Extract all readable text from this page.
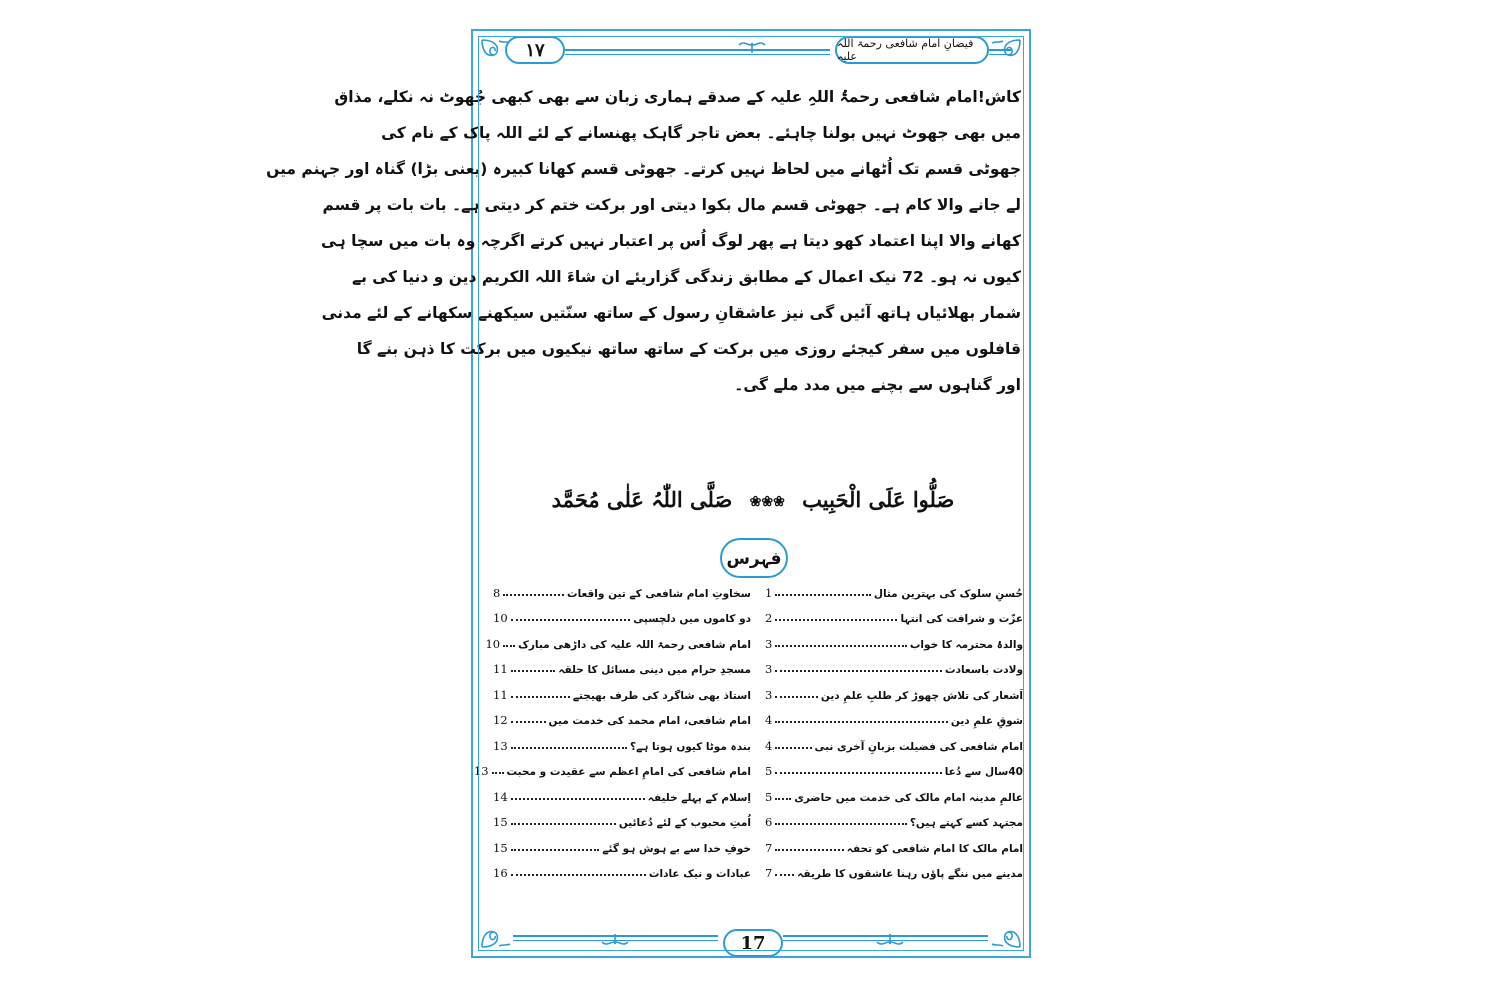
۱۷	فیضانِ امام شافعی رحمۃ اللہ علیہ
کاش!امام شافعی رحمۃُ اللہِ علیہ کے صدقے ہماری زبان سے بھی کبھی جُھوٹ نہ نکلے، مذاق
میں بھی جھوٹ نہیں بولنا چاہئے۔ بعض تاجر گاہک پھنسانے کے لئے اللہ پاک کے نام کی
جھوٹی قسم تک اُٹھانے میں لحاظ نہیں کرتے۔ جھوٹی قسم کھانا کبیرہ (یعنی بڑا) گناہ اور جہنم میں
لے جانے والا کام ہے۔ جھوٹی قسم مال بکوا دیتی اور برکت ختم کر دیتی ہے۔ بات بات پر قسم
کھانے والا اپنا اعتماد کھو دیتا ہے پھر لوگ اُس پر اعتبار نہیں کرتے اگرچہ وہ بات میں سچا ہی
کیوں نہ ہو۔ 72 نیک اعمال کے مطابق زندگی گزاریئے ان شاءَ اللہ الکریم دین و دنیا کی بے
شمار بھلائیاں ہاتھ آئیں گی نیز عاشقانِ رسول کے ساتھ سنّتیں سیکھنے سکھانے کے لئے مدنی
قافلوں میں سفر کیجئے روزی میں برکت کے ساتھ ساتھ نیکیوں میں برکت کا ذہن بنے گا
اور گناہوں سے بچنے میں مدد ملے گی۔
صَلُّوا عَلَی الْحَبِیب ❀❀❀ صَلَّی اللّٰہُ عَلٰی مُحَمَّد
فہرس
حُسنِ سلوک کی بہترین مثال
1
عزّت و شرافت کی انتہا
2
والدۂ محترمہ کا خواب
3
ولادت باسعادت
3
اَشعار کی تلاش چھوڑ کر طلبِ علمِ دین
3
شوقِ علمِ دین
4
امام شافعی کی فضیلت بزبانِ آخری نبی
4
40سال سے دُعا
5
عالمِ مدینہ امام مالک کی خدمت میں حاضری
5
مجتہد کسے کہتے ہیں؟
6
امام مالک کا امام شافعی کو تحفہ
7
مدینے میں ننگے پاؤں رہنا عاشقوں کا طریقہ
7
سخاوتِ امام شافعی کے تین واقعات
8
دو کاموں میں دلچسپی
10
امام شافعی رحمۃ اللہ علیہ کی داڑھی مبارک
10
مسجدِ حرام میں دینی مسائل کا حلقہ
11
استاذ بھی شاگرد کی طرف بھیجتے
11
امام شافعی، امام محمد کی خدمت میں
12
بندہ موٹا کیوں ہوتا ہے؟
13
امام شافعی کی امامِ اعظم سے عقیدت و محبت
13
اِسلام کے پہلے خلیفہ
14
اُمتِ محبوب کے لئے دُعائیں
15
خوفِ خدا سے بے ہوش ہو گئے
15
عبادات و نیک عادات
16
17
